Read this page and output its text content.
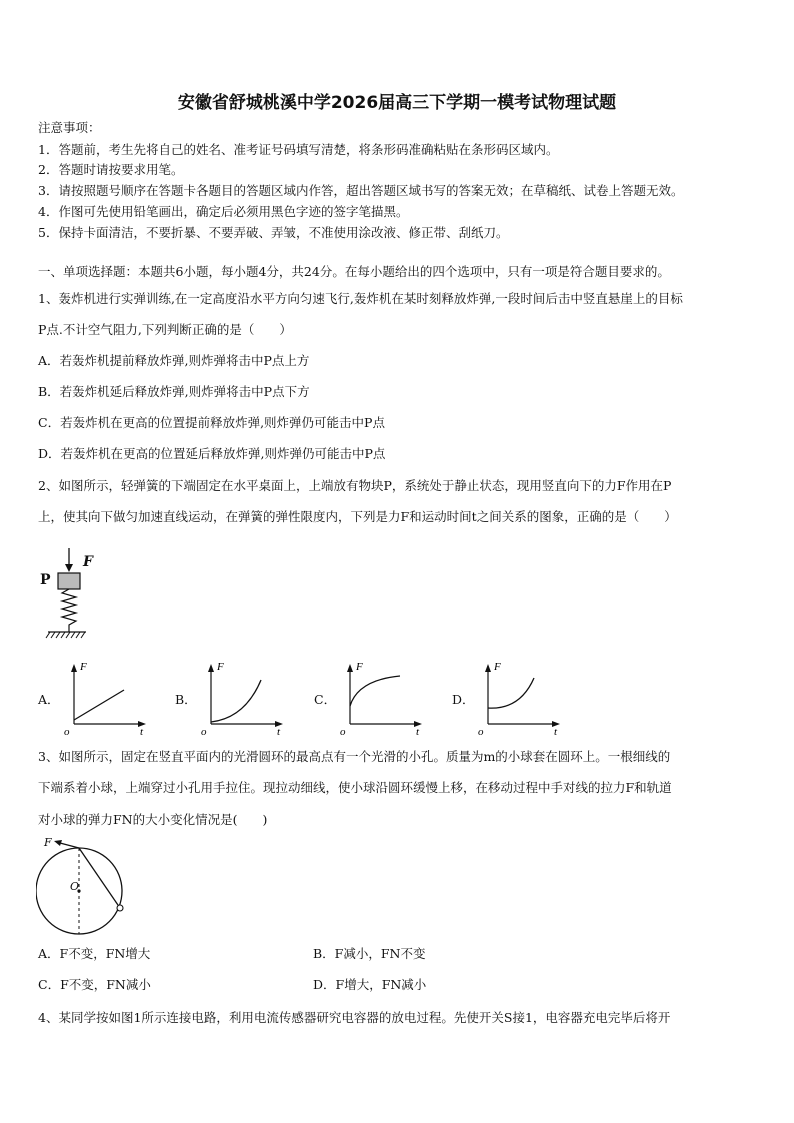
安徽省舒城桃溪中学2026届高三下学期一模考试物理试题
注意事项：
1．答题前，考生先将自己的姓名、准考证号码填写清楚，将条形码准确粘贴在条形码区域内。
2．答题时请按要求用笔。
3．请按照题号顺序在答题卡各题目的答题区域内作答，超出答题区域书写的答案无效；在草稿纸、试卷上答题无效。
4．作图可先使用铅笔画出，确定后必须用黑色字迹的签字笔描黑。
5．保持卡面清洁，不要折暴、不要弄破、弄皱，不准使用涂改液、修正带、刮纸刀。
一、单项选择题：本题共6小题，每小题4分，共24分。在每小题给出的四个选项中，只有一项是符合题目要求的。
1、轰炸机进行实弹训练,在一定高度沿水平方向匀速飞行,轰炸机在某时刻释放炸弹,一段时间后击中竖直悬崖上的目标
P点.不计空气阻力,下列判断正确的是（　　）
A．若轰炸机提前释放炸弹,则炸弹将击中P点上方
B．若轰炸机延后释放炸弹,则炸弹将击中P点下方
C．若轰炸机在更高的位置提前释放炸弹,则炸弹仍可能击中P点
D．若轰炸机在更高的位置延后释放炸弹,则炸弹仍可能击中P点
2、如图所示，轻弹簧的下端固定在水平桌面上，上端放有物块P，系统处于静止状态，现用竖直向下的力F作用在P
上，使其向下做匀加速直线运动，在弹簧的弹性限度内，下列是力F和运动时间t之间关系的图象，正确的是（　　）
P
F
A．
F
t
o
B．
F
t
o
C．
F
t
o
D．
F
t
o
3、如图所示，固定在竖直平面内的光滑圆环的最高点有一个光滑的小孔。质量为m的小球套在圆环上。一根细线的
下端系着小球，上端穿过小孔用手拉住。现拉动细线，使小球沿圆环缓慢上移，在移动过程中手对线的拉力F和轨道
对小球的弹力FN的大小变化情况是(　　)
F
O
A．F不变，FN增大	B．F减小，FN不变
C．F不变，FN减小	D．F增大，FN减小
4、某同学按如图1所示连接电路，利用电流传感器研究电容器的放电过程。先使开关S接1，电容器充电完毕后将开
